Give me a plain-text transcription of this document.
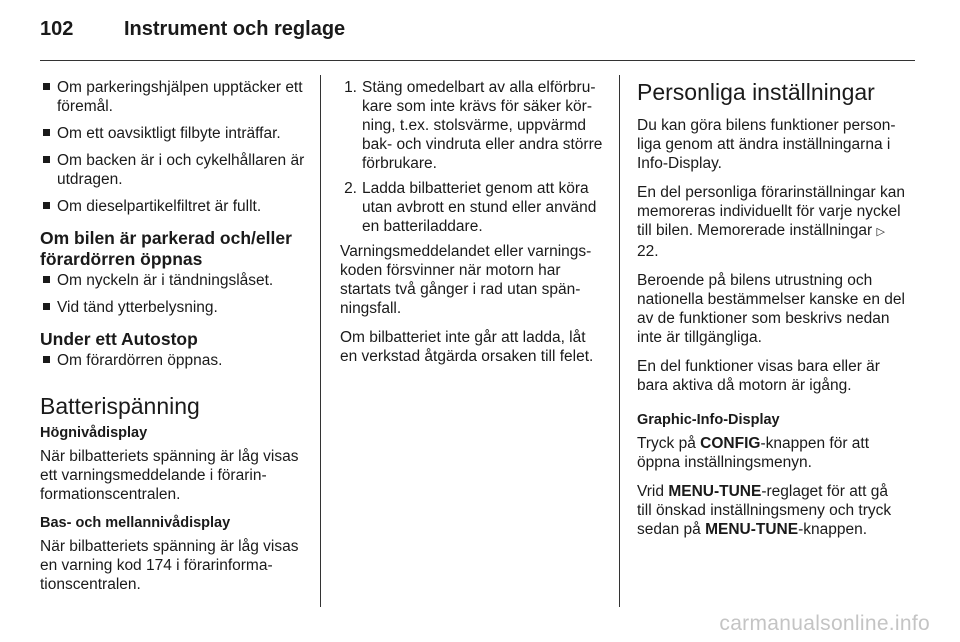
102	Instrument och reglage
Om parkeringshjälpen upptäcker ett föremål.
Om ett oavsiktligt filbyte inträffar.
Om backen är i och cykelhållaren är utdragen.
Om dieselpartikelfiltret är fullt.
Om bilen är parkerad och/eller förardörren öppnas
Om nyckeln är i tändningslåset.
Vid tänd ytterbelysning.
Under ett Autostop
Om förardörren öppnas.
Batterispänning
Högnivådisplay

När bilbatteriets spänning är låg visas ett varningsmeddelande i förarinformationscentralen.

Bas- och mellannivådisplay

När bilbatteriets spänning är låg visas en varning kod 174 i förarinformationscentralen.

1. Stäng omedelbart av alla elförbrukare som inte krävs för säker körning, t.ex. stolsvärme, uppvärmd bak- och vindruta eller andra större förbrukare.
2. Ladda bilbatteriet genom att köra utan avbrott en stund eller använd en batteriladdare.

Varningsmeddelandet eller varningskoden försvinner när motorn har startats två gånger i rad utan spänningsfall.

Om bilbatteriet inte går att ladda, låt en verkstad åtgärda orsaken till felet.

Personliga inställningar

Du kan göra bilens funktioner personliga genom att ändra inställningarna i Info-Display.

En del personliga förarinställningar kan memoreras individuellt för varje nyckel till bilen. Memorerade inställningar ▷22.

Beroende på bilens utrustning och nationella bestämmelser kanske en del av de funktioner som beskrivs nedan inte är tillgängliga.

En del funktioner visas bara eller är bara aktiva då motorn är igång.

Graphic-Info-Display

Tryck på CONFIG-knappen för att öppna inställningsmenyn.

Vrid MENU-TUNE-reglaget för att gå till önskad inställningsmeny och tryck sedan på MENU-TUNE-knappen.

carmanualsonline.info
